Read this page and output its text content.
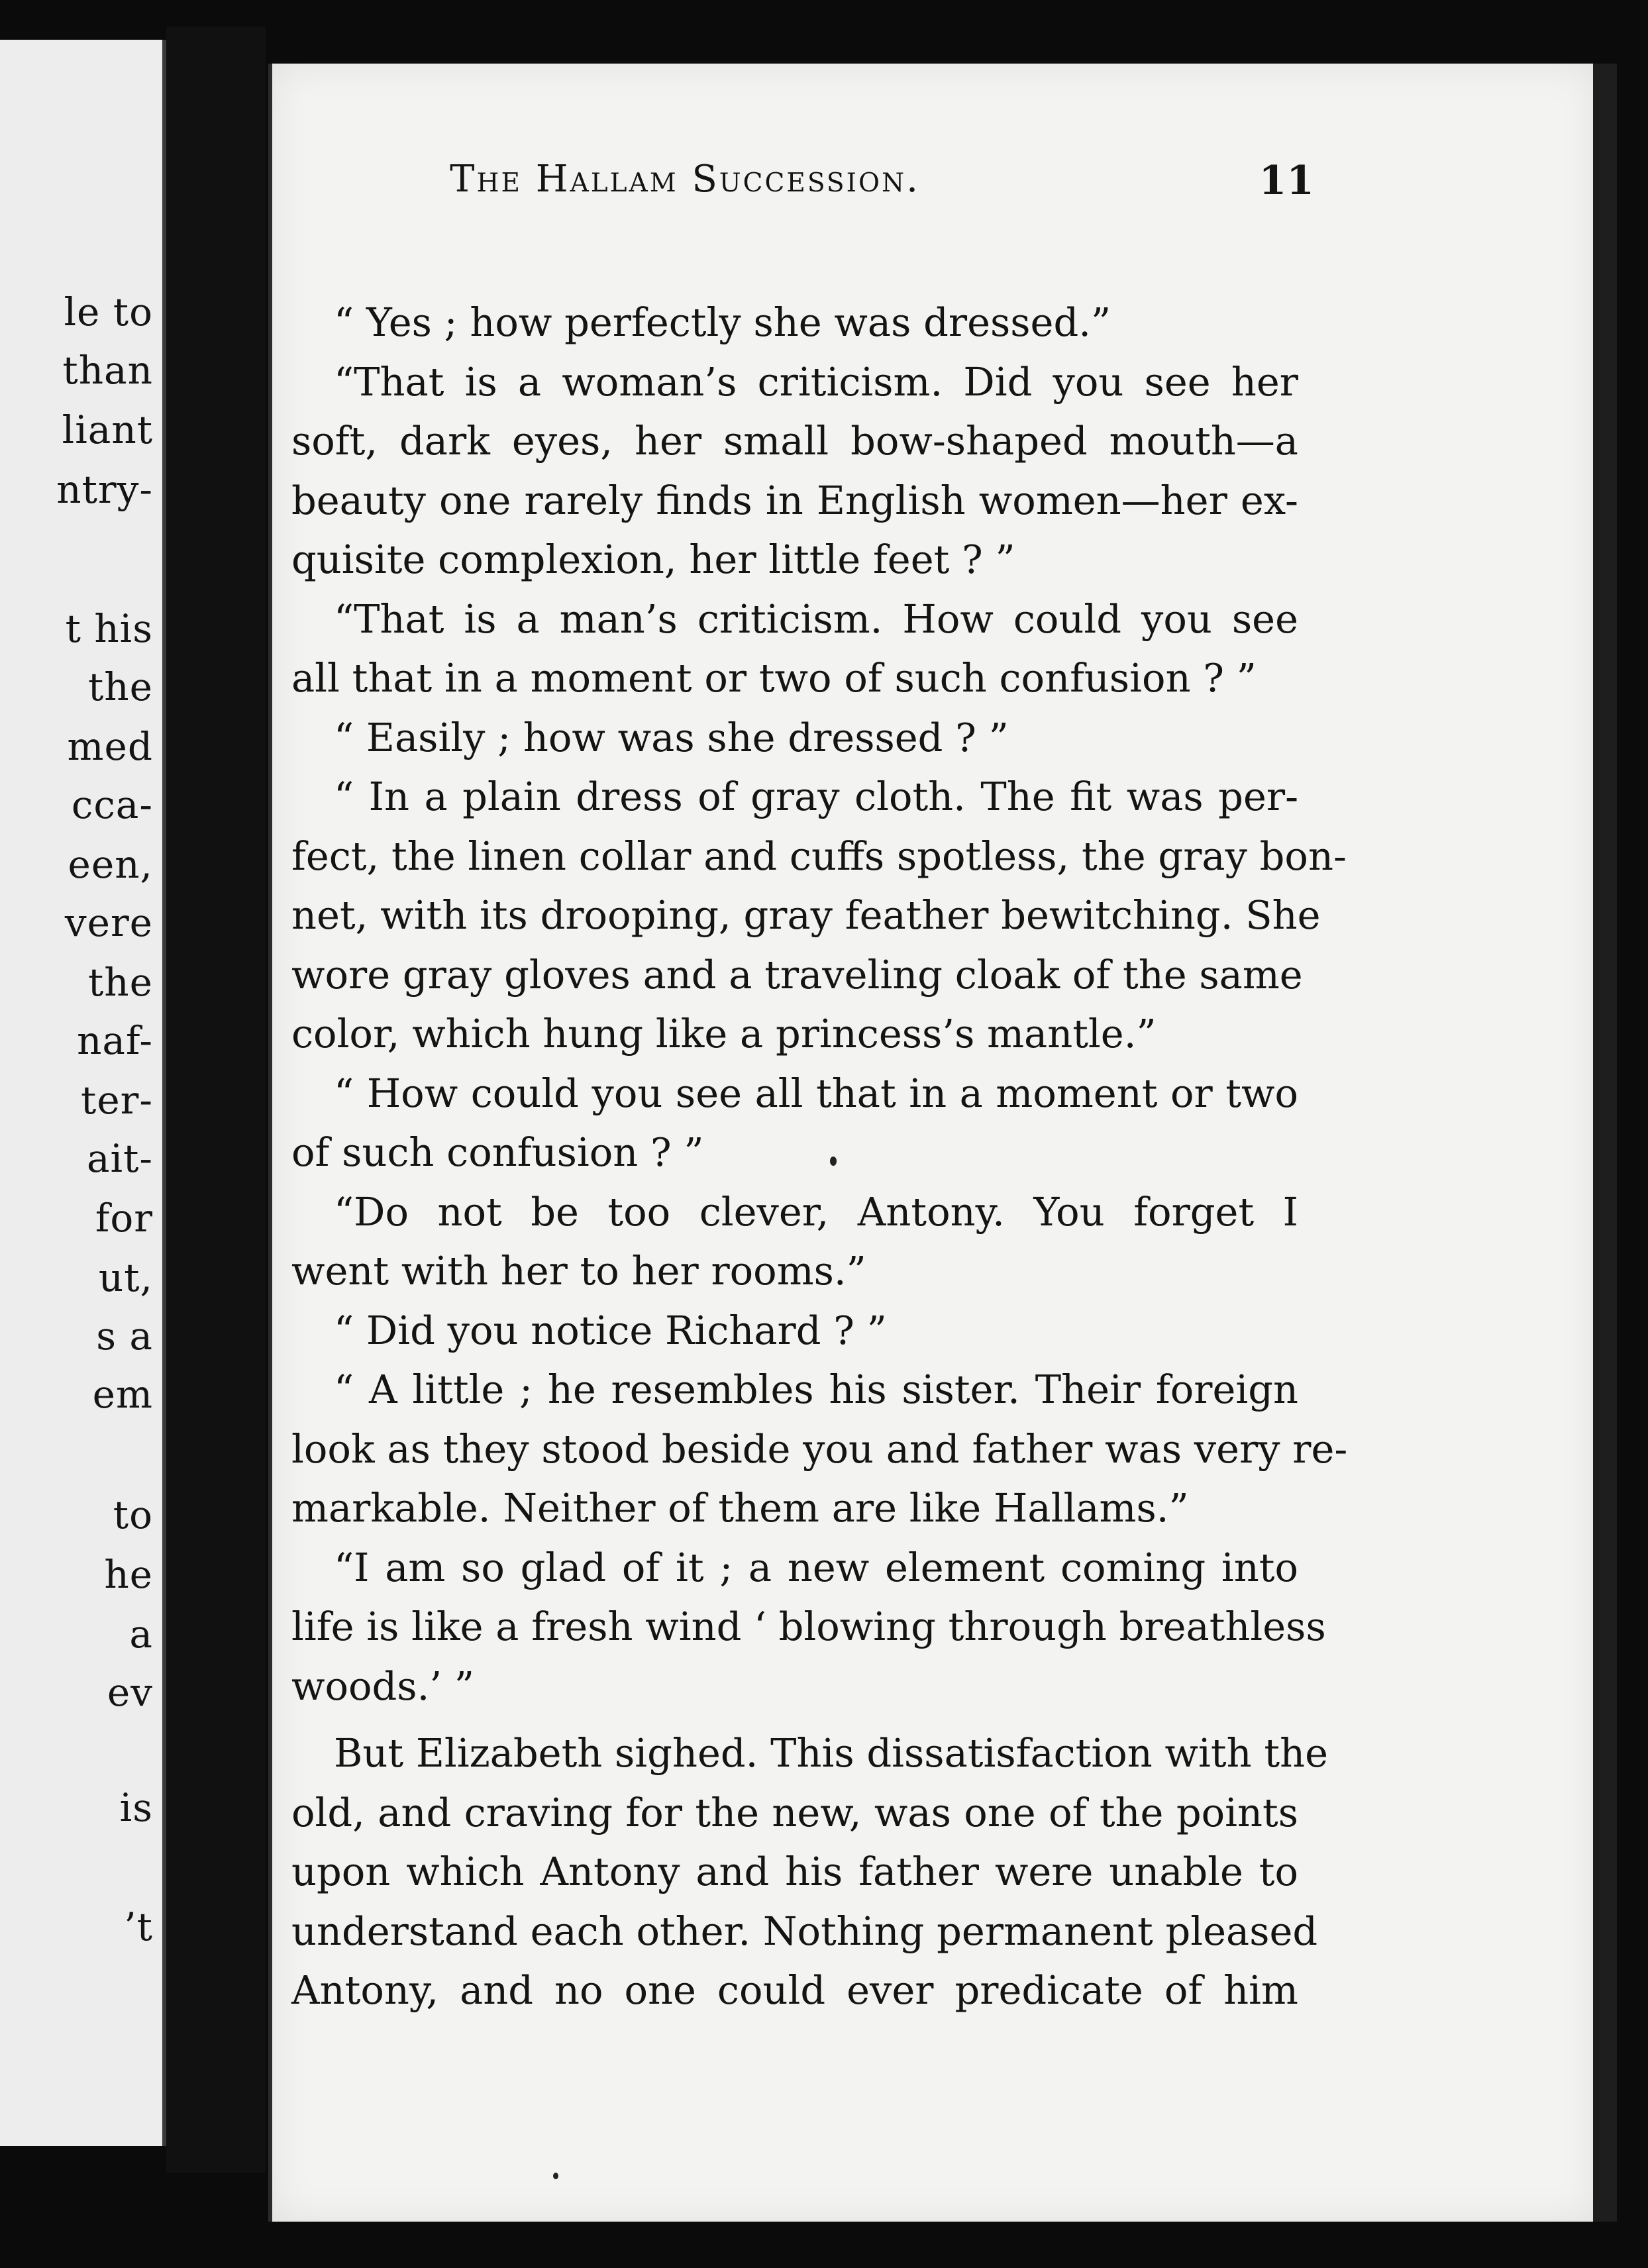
le to
than
liant
ntry-
t his
the
med
cca-
een,
vere
the
naf-
ter-
ait-
for
ut,
s a
em
to
he
a
ev
is
’t
The Hallam Succession.	11
“ Yes ; how perfectly she was dressed.”
“That is a woman’s criticism. Did you see her
soft, dark eyes, her small bow-shaped mouth—a
beauty one rarely finds in English women—her ex-
quisite complexion, her little feet ? ”
“That is a man’s criticism. How could you see
all that in a moment or two of such confusion ? ”
“ Easily ; how was she dressed ? ”
“ In a plain dress of gray cloth. The fit was per-
fect, the linen collar and cuffs spotless, the gray bon-
net, with its drooping, gray feather bewitching. She
wore gray gloves and a traveling cloak of the same
color, which hung like a princess’s mantle.”
“ How could you see all that in a moment or two
of such confusion ? ”
“Do not be too clever, Antony. You forget I
went with her to her rooms.”
“ Did you notice Richard ? ”
“ A little ; he resembles his sister. Their foreign
look as they stood beside you and father was very re-
markable. Neither of them are like Hallams.”
“I am so glad of it ; a new element coming into
life is like a fresh wind ‘ blowing through breathless
woods.’ ”
But Elizabeth sighed. This dissatisfaction with the
old, and craving for the new, was one of the points
upon which Antony and his father were unable to
understand each other. Nothing permanent pleased
Antony, and no one could ever predicate of him
